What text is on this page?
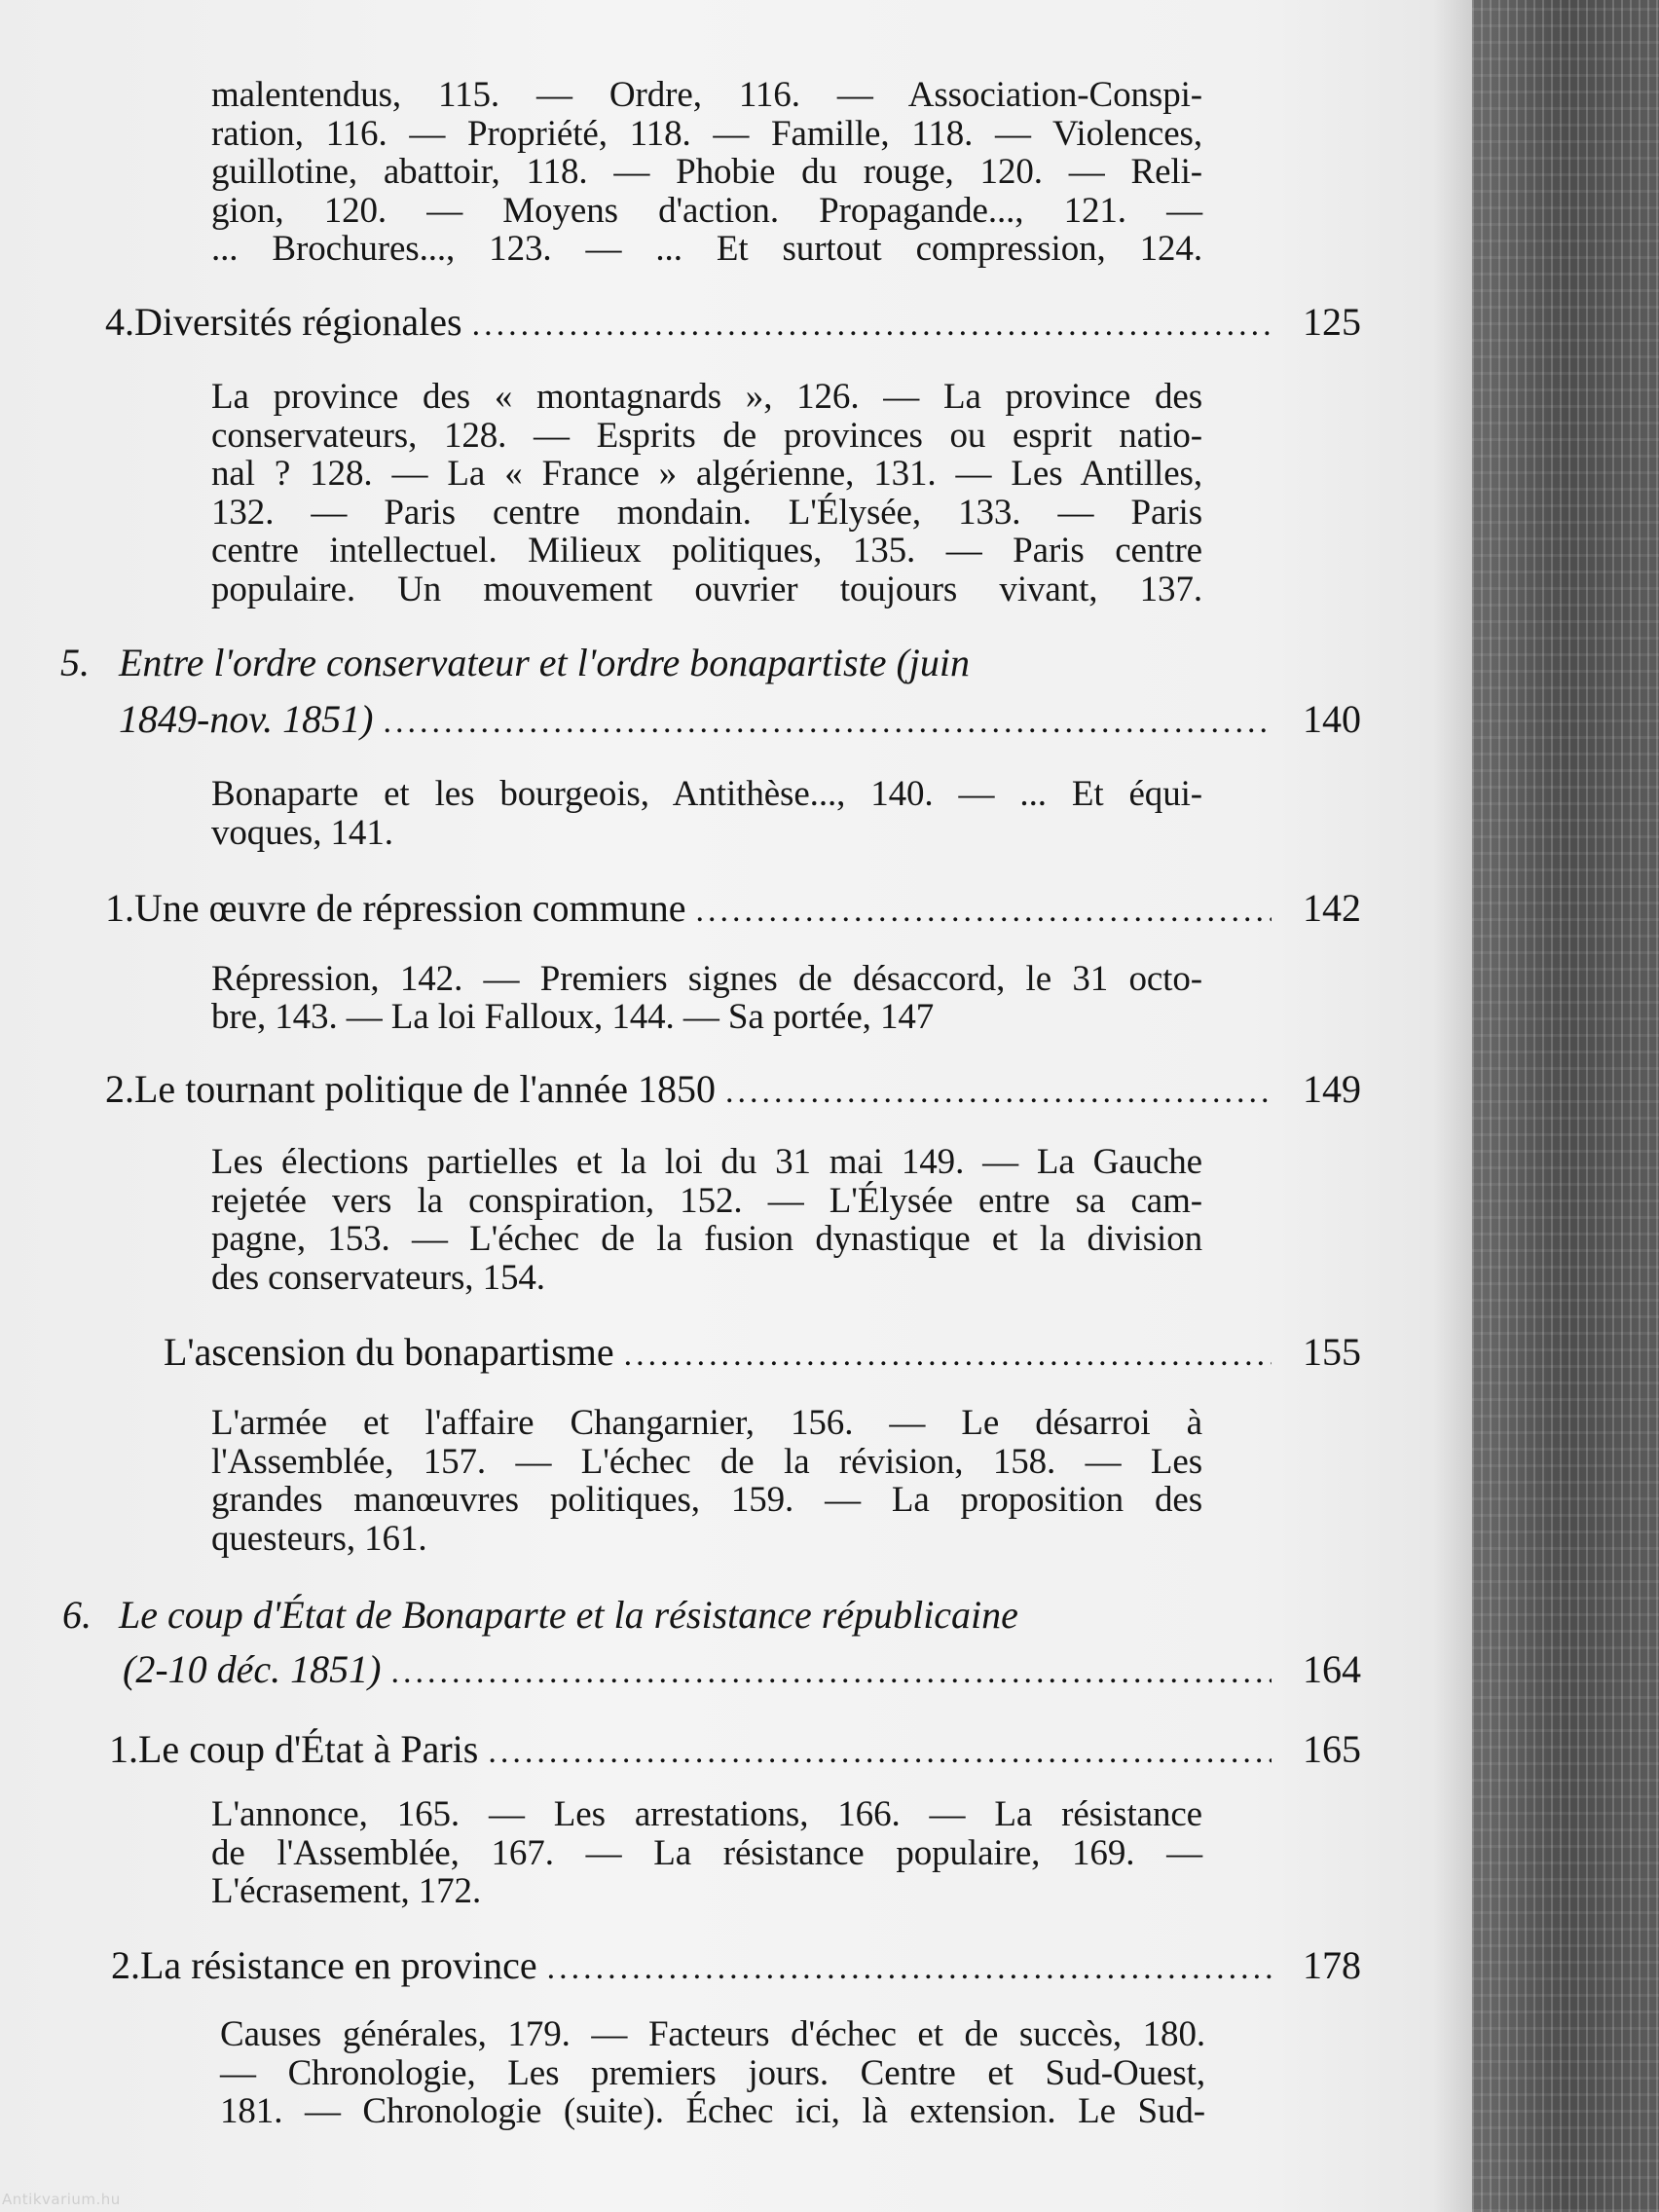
malentendus, 115. — Ordre, 116. — Association-Conspi-

ration, 116. — Propriété, 118. — Famille, 118. — Violences,

guillotine, abattoir, 118. — Phobie du rouge, 120. — Reli-

gion, 120. — Moyens d'action. Propagande..., 121. —

... Brochures..., 123. — ... Et surtout compression, 124.

4. Diversités régionales .....	125

La province des « montagnards », 126. — La province des

conservateurs, 128. — Esprits de provinces ou esprit natio-

nal ? 128. — La « France » algérienne, 131. — Les Antilles,

132. — Paris centre mondain. L'Élysée, 133. — Paris

centre intellectuel. Milieux politiques, 135. — Paris centre

populaire. Un mouvement ouvrier toujours vivant, 137.

5. Entre l'ordre conservateur et l'ordre bonapartiste (juin
1849-nov. 1851) .....	140

Bonaparte et les bourgeois, Antithèse..., 140. — ... Et équi-

voques, 141.

1. Une œuvre de répression commune .....	142

Répression, 142. — Premiers signes de désaccord, le 31 octo-

bre, 143. — La loi Falloux, 144. — Sa portée, 147

2. Le tournant politique de l'année 1850 .....	149

Les élections partielles et la loi du 31 mai 149. — La Gauche

rejetée vers la conspiration, 152. — L'Élysée entre sa cam-

pagne, 153. — L'échec de la fusion dynastique et la division

des conservateurs, 154.

L'ascension du bonapartisme .....	155

L'armée et l'affaire Changarnier, 156. — Le désarroi à

l'Assemblée, 157. — L'échec de la révision, 158. — Les

grandes manœuvres politiques, 159. — La proposition des

questeurs, 161.

6. Le coup d'État de Bonaparte et la résistance républicaine
(2-10 déc. 1851) .....	164
1. Le coup d'État à Paris .....	165

L'annonce, 165. — Les arrestations, 166. — La résistance

de l'Assemblée, 167. — La résistance populaire, 169. —

L'écrasement, 172.

2. La résistance en province .....	178

Causes générales, 179. — Facteurs d'échec et de succès, 180.

— Chronologie, Les premiers jours. Centre et Sud-Ouest,

181. — Chronologie (suite). Échec ici, là extension. Le Sud-

Antikvarium.hu
